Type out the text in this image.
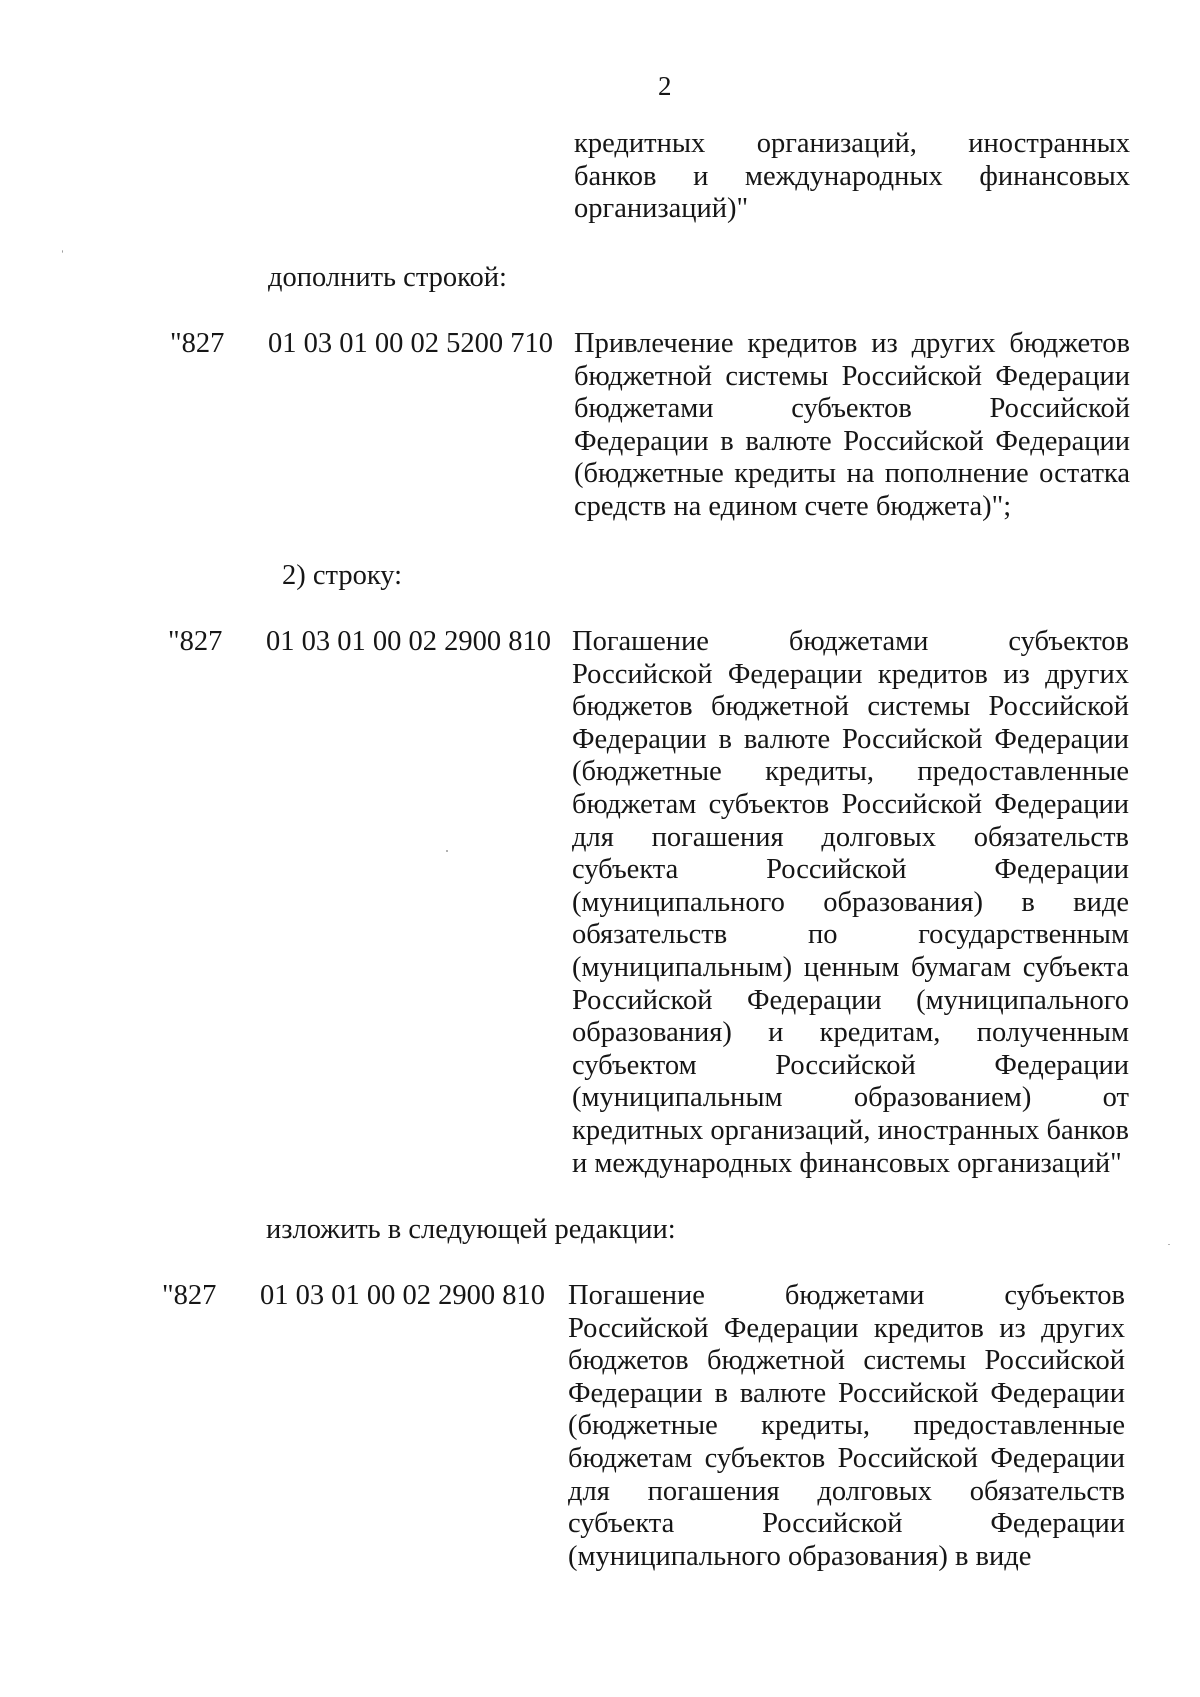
2

кредитных организаций, иностранных банков и международных финансовых организаций)"

дополнить строкой:

"827 01 03 01 00 02 5200 710 Привлечение кредитов из других бюджетов бюджетной системы Российской Федерации бюджетами субъектов Российской Федерации в валюте Российской Федерации (бюджетные кредиты на пополнение остатка средств на едином счете бюджета)";

2) строку:

"827 01 03 01 00 02 2900 810 Погашение бюджетами субъектов Российской Федерации кредитов из других бюджетов бюджетной системы Российской Федерации в валюте Российской Федерации (бюджетные кредиты, предоставленные бюджетам субъектов Российской Федерации для погашения долговых обязательств субъекта Российской Федерации (муниципального образования) в виде обязательств по государственным (муниципальным) ценным бумагам субъекта Российской Федерации (муниципального образования) и кредитам, полученным субъектом Российской Федерации (муниципальным образованием) от кредитных организаций, иностранных банков и международных финансовых организаций"

изложить в следующей редакции:

"827 01 03 01 00 02 2900 810 Погашение бюджетами субъектов Российской Федерации кредитов из других бюджетов бюджетной системы Российской Федерации в валюте Российской Федерации (бюджетные кредиты, предоставленные бюджетам субъектов Российской Федерации для погашения долговых обязательств субъекта Российской Федерации (муниципального образования) в виде
